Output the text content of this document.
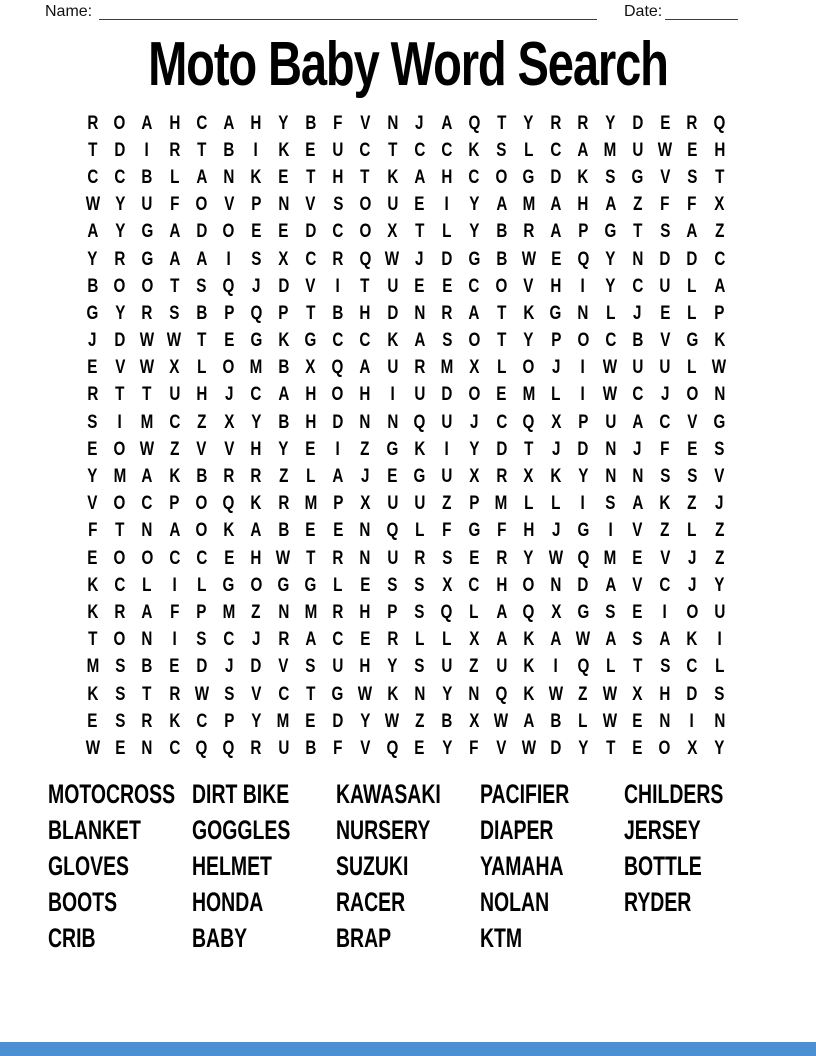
Name:	Date:
Moto Baby Word Search
R O A H C A H Y B F V N J A Q T Y R R Y D E R Q
T D I R T B I K E U C T C C K S L C A M U W E H
C C B L A N K E T H T K A H C O G D K S G V S T
W Y U F O V P N V S O U E I Y A M A H A Z F F X
A Y G A D O E E D C O X T L Y B R A P G T S A Z
Y R G A A I S X C R Q W J D G B W E Q Y N D D C
B O O T S Q J D V I T U E E C O V H I Y C U L A
G Y R S B P Q P T B H D N R A T K G N L J E L P
J D W W T E G K G C C K A S O T Y P O C B V G K
E V W X L O M B X Q A U R M X L O J I W U U L W
R T T U H J C A H O H I U D O E M L I W C J O N
S I M C Z X Y B H D N N Q U J C Q X P U A C V G
E O W Z V V H Y E I Z G K I Y D T J D N J F E S
Y M A K B R R Z L A J E G U X R X K Y N N S S V
V O C P O Q K R M P X U U Z P M L L I S A K Z J
F T N A O K A B E E N Q L F G F H J G I V Z L Z
E O O C C E H W T R N U R S E R Y W Q M E V J Z
K C L I L G O G G L E S S X C H O N D A V C J Y
K R A F P M Z N M R H P S Q L A Q X G S E I O U
T O N I S C J R A C E R L L X A K A W A S A K I
M S B E D J D V S U H Y S U Z U K I Q L T S C L
K S T R W S V C T G W K N Y N Q K W Z W X H D S
E S R K C P Y M E D Y W Z B X W A B L W E N I N
W E N C Q Q R U B F V Q E Y F V W D Y T E O X Y
MOTOCROSS
BLANKET
GLOVES
BOOTS
CRIB
DIRT BIKE
GOGGLES
HELMET
HONDA
BABY
KAWASAKI
NURSERY
SUZUKI
RACER
BRAP
PACIFIER
DIAPER
YAMAHA
NOLAN
KTM
CHILDERS
JERSEY
BOTTLE
RYDER
